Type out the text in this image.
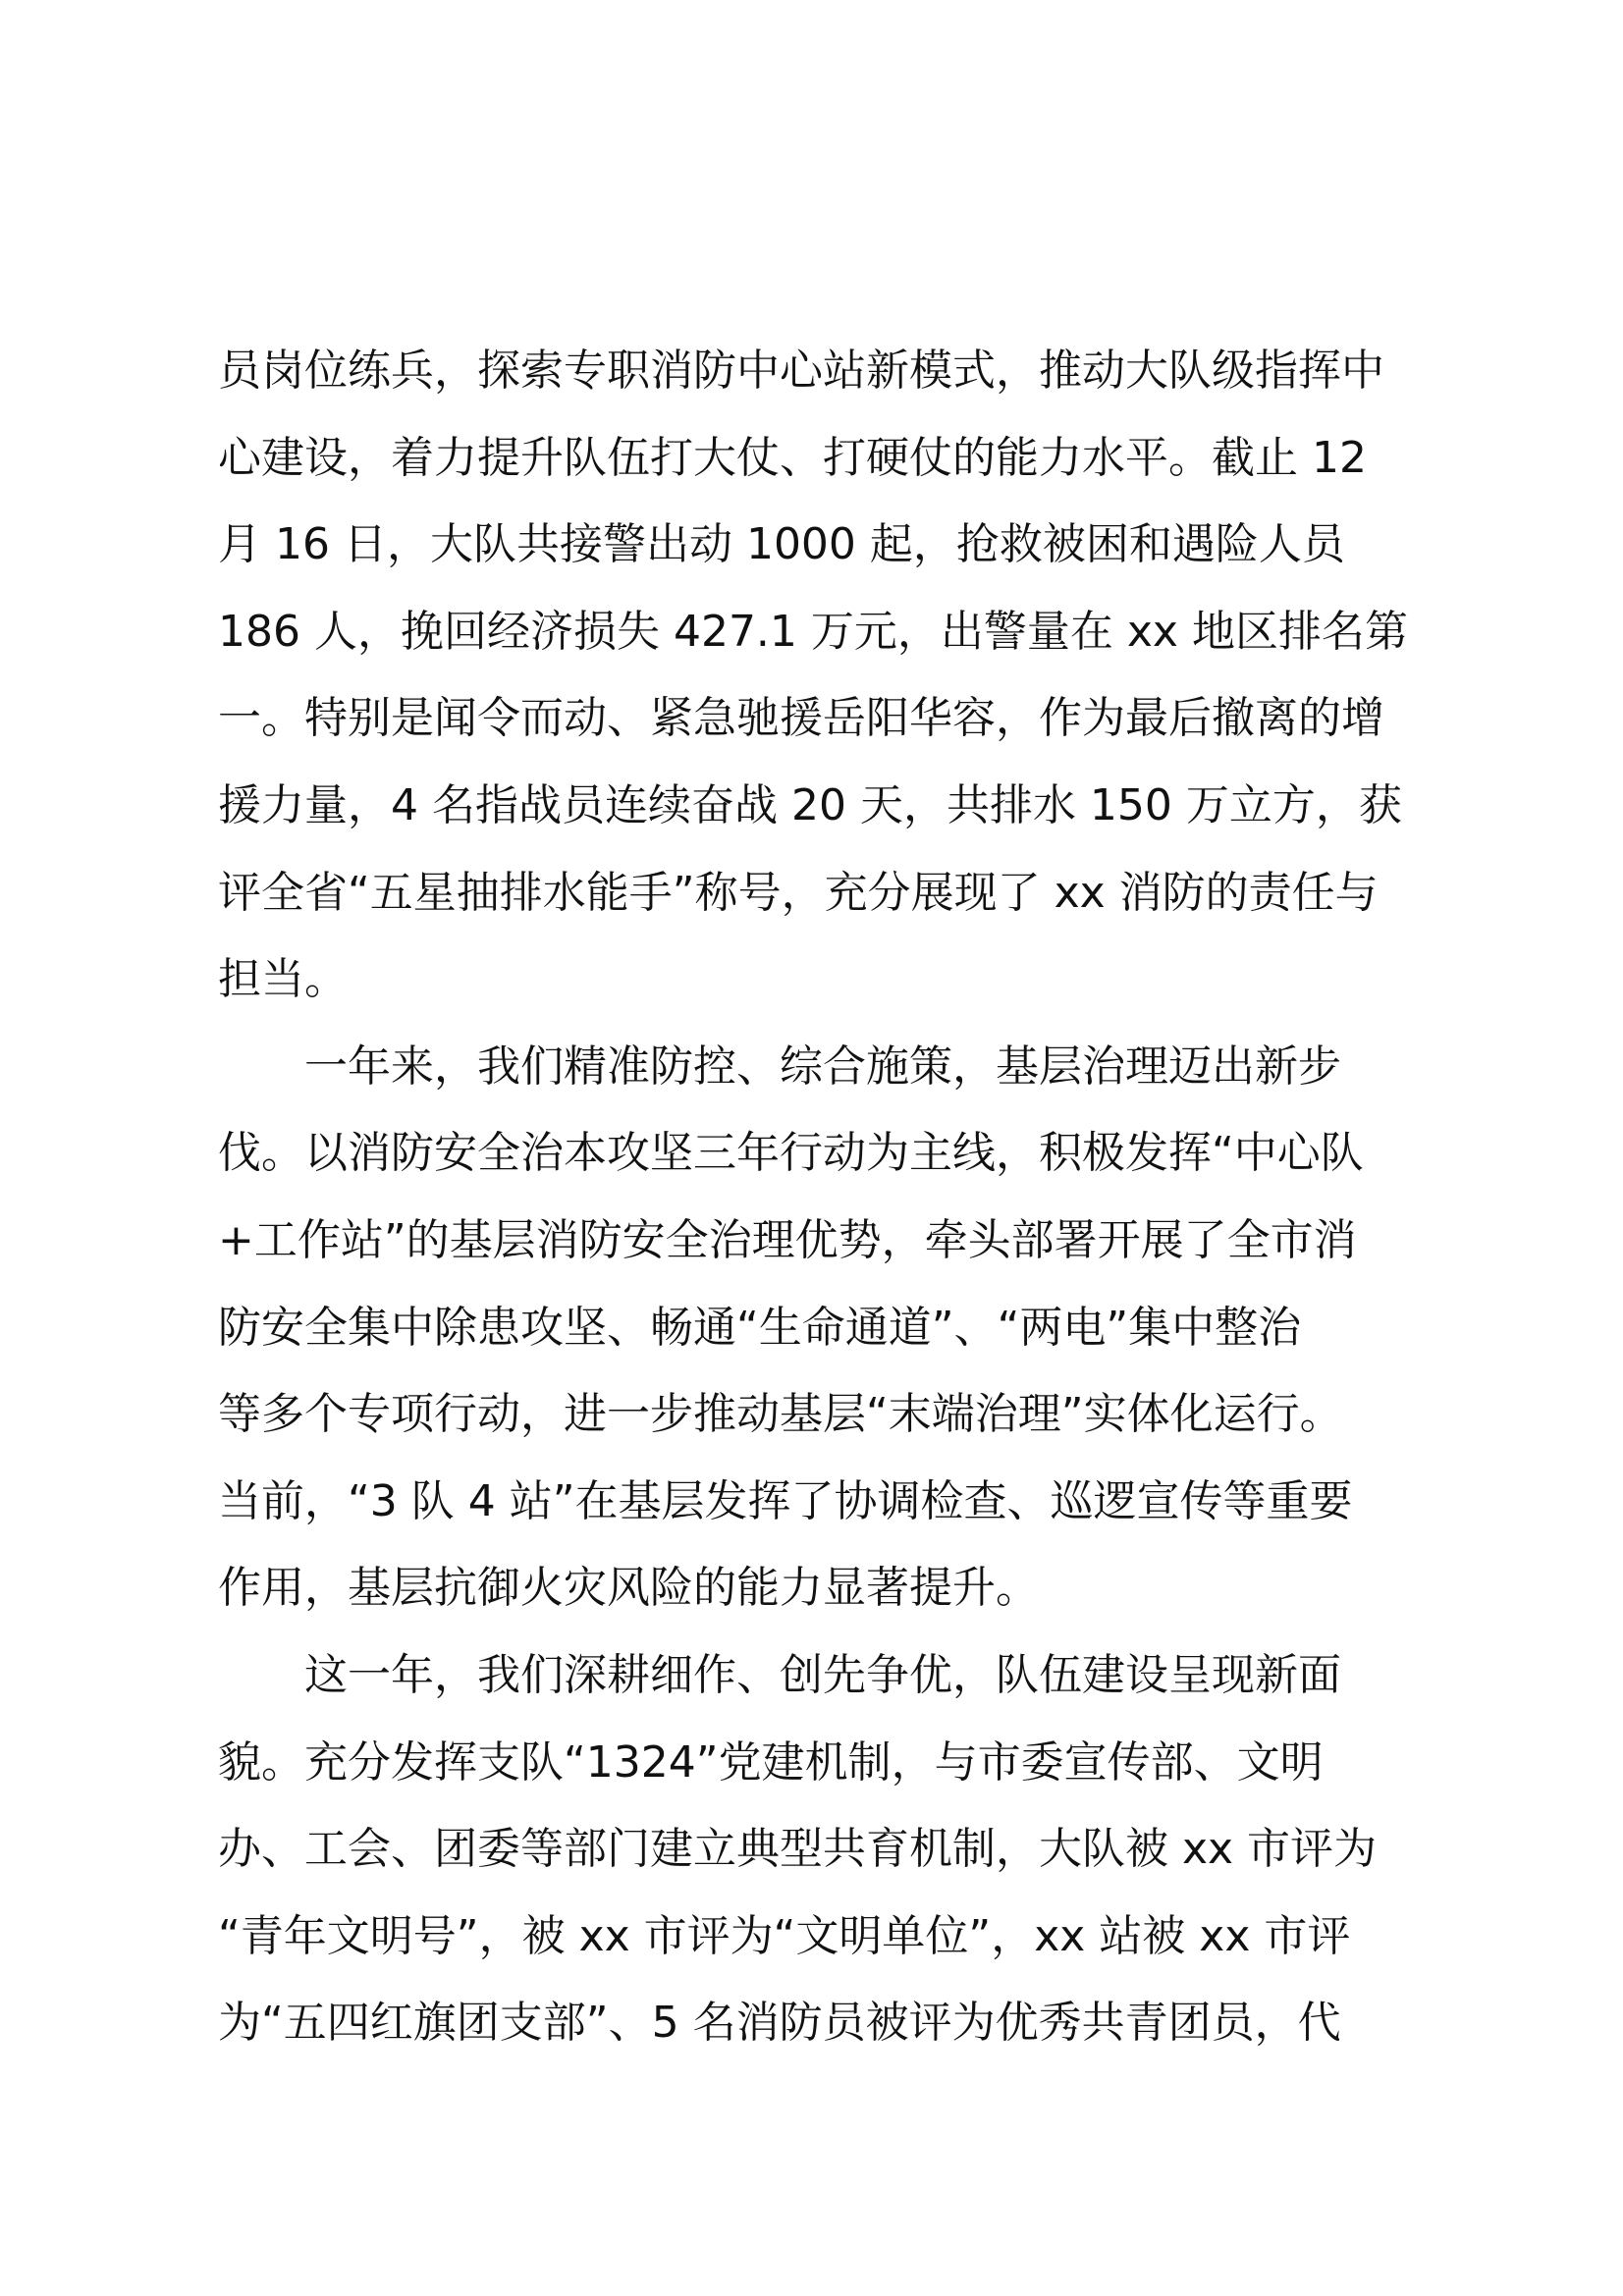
员岗位练兵，探索专职消防中心站新模式，推动大队级指挥中
心建设，着力提升队伍打大仗、打硬仗的能力水平。截止 12
月 16 日，大队共接警出动 1000 起，抢救被困和遇险人员
186 人，挽回经济损失 427.1 万元，出警量在 xx 地区排名第
一。特别是闻令而动、紧急驰援岳阳华容，作为最后撤离的增
援力量，4 名指战员连续奋战 20 天，共排水 150 万立方，获
评全省“五星抽排水能手”称号，充分展现了 xx 消防的责任与
担当。
一年来，我们精准防控、综合施策，基层治理迈出新步
伐。以消防安全治本攻坚三年行动为主线，积极发挥“中心队
+工作站”的基层消防安全治理优势，牵头部署开展了全市消
防安全集中除患攻坚、畅通“生命通道”、“两电”集中整治
等多个专项行动，进一步推动基层“末端治理”实体化运行。
当前，“3 队 4 站”在基层发挥了协调检查、巡逻宣传等重要
作用，基层抗御火灾风险的能力显著提升。
这一年，我们深耕细作、创先争优，队伍建设呈现新面
貌。充分发挥支队“1324”党建机制，与市委宣传部、文明
办、工会、团委等部门建立典型共育机制，大队被 xx 市评为
“青年文明号”，被 xx 市评为“文明单位”，xx 站被 xx 市评
为“五四红旗团支部”、5 名消防员被评为优秀共青团员，代
